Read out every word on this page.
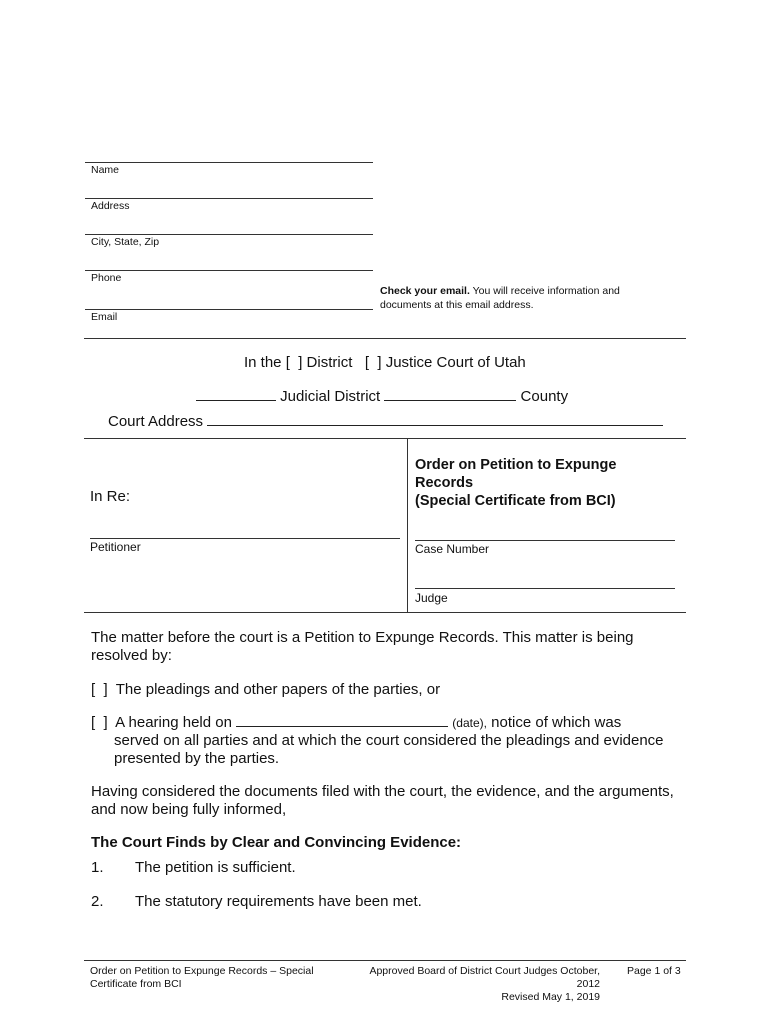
Name
Address
City, State, Zip
Phone
Email
Check your email. You will receive information and
documents at this email address.
In the [  ] District   [  ] Justice Court of Utah
Judicial District	County
Court Address
In Re:
Petitioner
Order on Petition to Expunge
Records
(Special Certificate from BCI)
Case Number
Judge
The matter before the court is a Petition to Expunge Records. This matter is being
resolved by:
[  ]  The pleadings and other papers of the parties, or
[  ]  A hearing held on	(date), notice of which was
served on all parties and at which the court considered the pleadings and evidence
presented by the parties.
Having considered the documents filed with the court, the evidence, and the arguments,
and now being fully informed,
The Court Finds by Clear and Convincing Evidence:
1. The petition is sufficient.
2. The statutory requirements have been met.
Order on Petition to Expunge Records – Special
Certificate from BCI
Approved Board of District Court Judges October, 2012
Revised May 1, 2019
Page 1 of 3
